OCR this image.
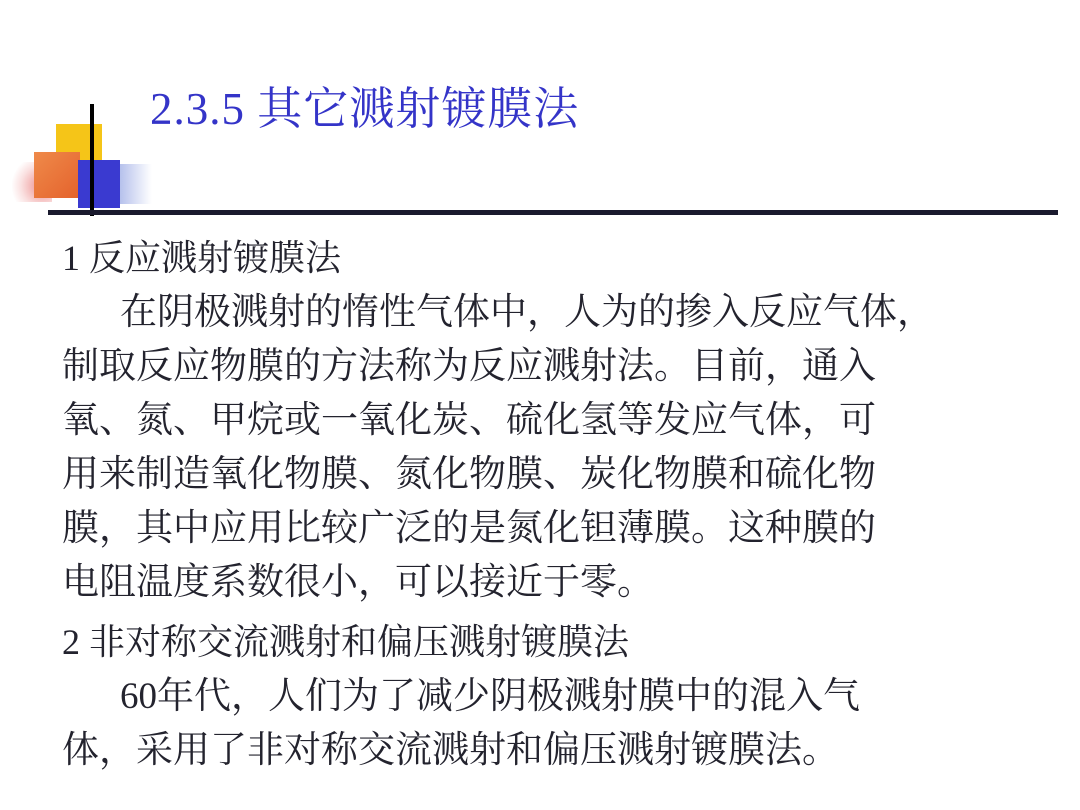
2.3.5 其它溅射镀膜法
1 反应溅射镀膜法
在阴极溅射的惰性气体中，人为的掺入反应气体，
制取反应物膜的方法称为反应溅射法。目前，通入
氧、氮、甲烷或一氧化炭、硫化氢等发应气体，可
用来制造氧化物膜、氮化物膜、炭化物膜和硫化物
膜，其中应用比较广泛的是氮化钽薄膜。这种膜的
电阻温度系数很小，可以接近于零。
2 非对称交流溅射和偏压溅射镀膜法
60年代，人们为了减少阴极溅射膜中的混入气
体，采用了非对称交流溅射和偏压溅射镀膜法。
